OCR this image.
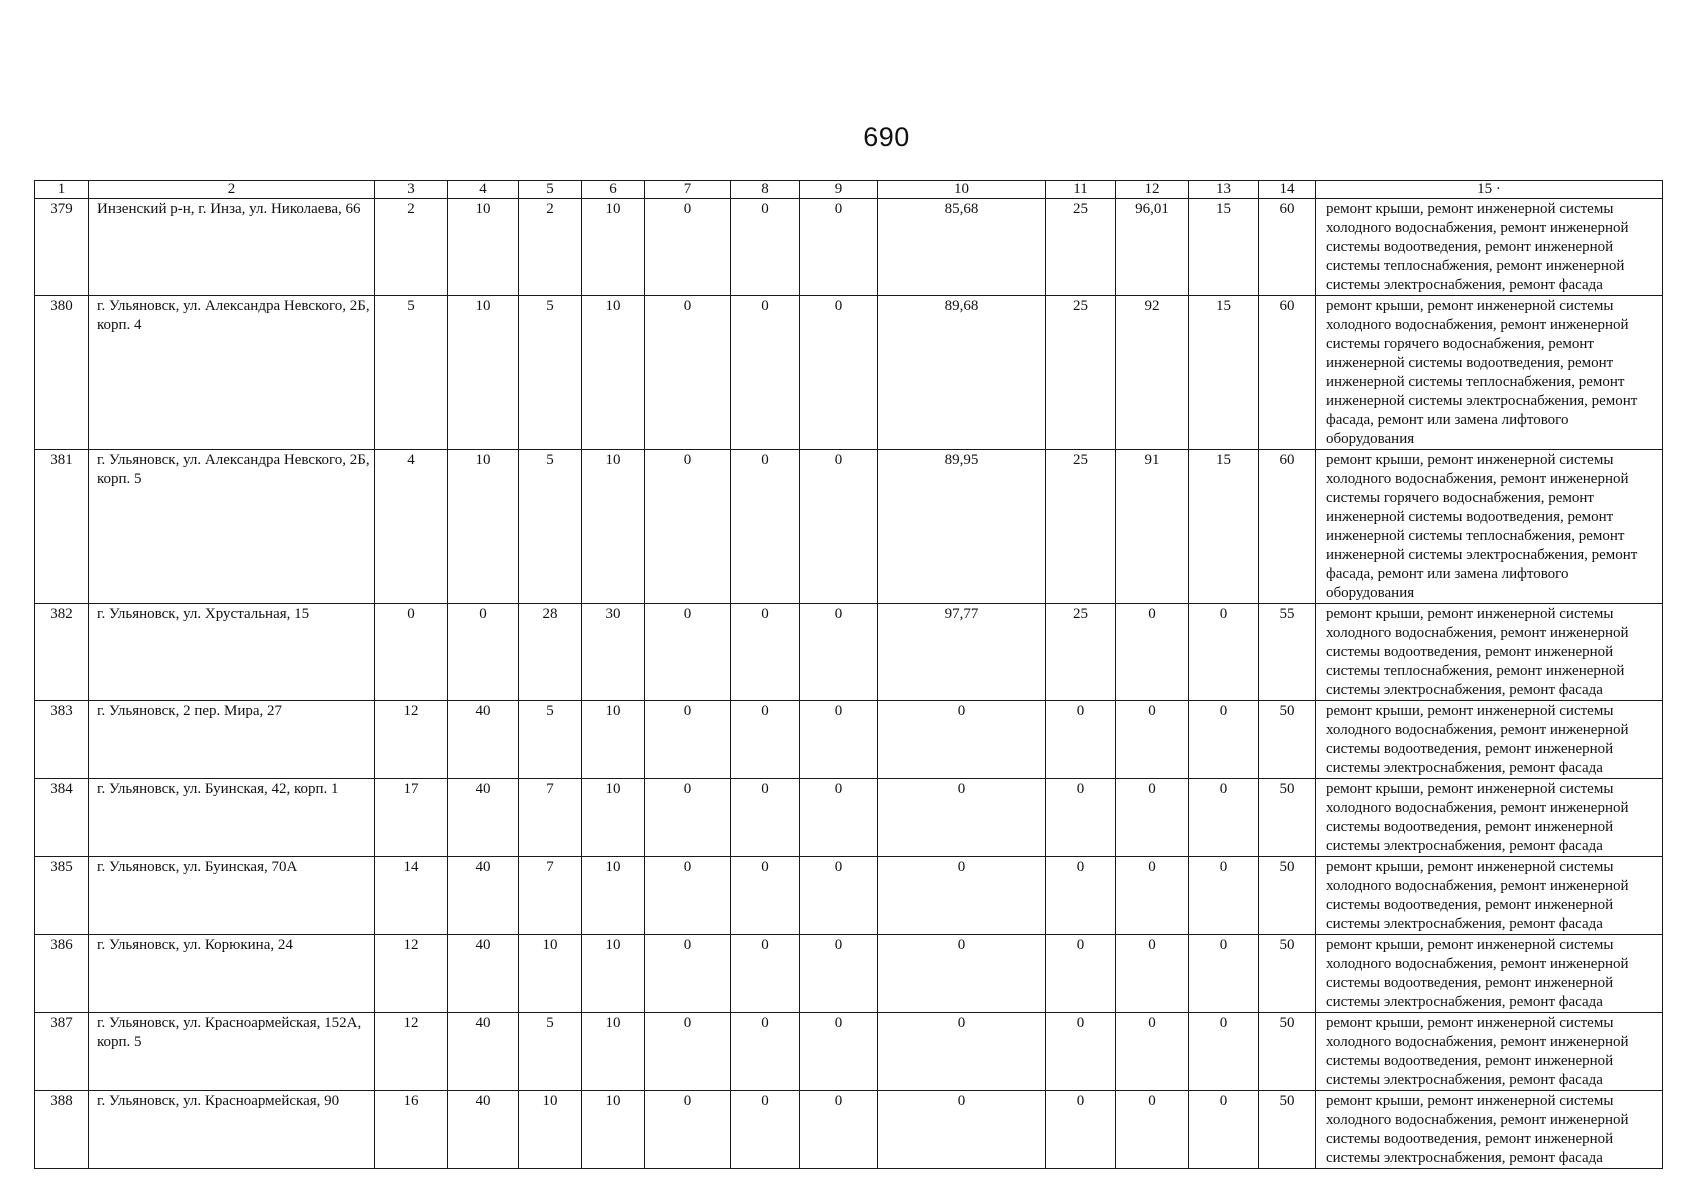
690
1	2	3	4	5	6	7	8	9	10	11	12	13	14	15 ·
379	Инзенский р-н, г. Инза, ул. Николаева, 66	2	10	2	10	0	0	0	85,68	25	96,01	15	60	ремонт крыши, ремонт инженерной системы холодного водоснабжения, ремонт инженерной системы водоотведения, ремонт инженерной системы теплоснабжения, ремонт инженерной системы электроснабжения, ремонт фасада
380	г. Ульяновск, ул. Александра Невского, 2Б, корп. 4	5	10	5	10	0	0	0	89,68	25	92	15	60	ремонт крыши, ремонт инженерной системы холодного водоснабжения, ремонт инженерной системы горячего водоснабжения, ремонт инженерной системы водоотведения, ремонт инженерной системы теплоснабжения, ремонт инженерной системы электроснабжения, ремонт фасада, ремонт или замена лифтового оборудования
381	г. Ульяновск, ул. Александра Невского, 2Б, корп. 5	4	10	5	10	0	0	0	89,95	25	91	15	60	ремонт крыши, ремонт инженерной системы холодного водоснабжения, ремонт инженерной системы горячего водоснабжения, ремонт инженерной системы водоотведения, ремонт инженерной системы теплоснабжения, ремонт инженерной системы электроснабжения, ремонт фасада, ремонт или замена лифтового оборудования
382	г. Ульяновск, ул. Хрустальная, 15	0	0	28	30	0	0	0	97,77	25	0	0	55	ремонт крыши, ремонт инженерной системы холодного водоснабжения, ремонт инженерной системы водоотведения, ремонт инженерной системы теплоснабжения, ремонт инженерной системы электроснабжения, ремонт фасада
383	г. Ульяновск, 2 пер. Мира, 27	12	40	5	10	0	0	0	0	0	0	0	50	ремонт крыши, ремонт инженерной системы холодного водоснабжения, ремонт инженерной системы водоотведения, ремонт инженерной системы электроснабжения, ремонт фасада
384	г. Ульяновск, ул. Буинская, 42, корп. 1	17	40	7	10	0	0	0	0	0	0	0	50	ремонт крыши, ремонт инженерной системы холодного водоснабжения, ремонт инженерной системы водоотведения, ремонт инженерной системы электроснабжения, ремонт фасада
385	г. Ульяновск, ул. Буинская, 70А	14	40	7	10	0	0	0	0	0	0	0	50	ремонт крыши, ремонт инженерной системы холодного водоснабжения, ремонт инженерной системы водоотведения, ремонт инженерной системы электроснабжения, ремонт фасада
386	г. Ульяновск, ул. Корюкина, 24	12	40	10	10	0	0	0	0	0	0	0	50	ремонт крыши, ремонт инженерной системы холодного водоснабжения, ремонт инженерной системы водоотведения, ремонт инженерной системы электроснабжения, ремонт фасада
387	г. Ульяновск, ул. Красноармейская, 152А, корп. 5	12	40	5	10	0	0	0	0	0	0	0	50	ремонт крыши, ремонт инженерной системы холодного водоснабжения, ремонт инженерной системы водоотведения, ремонт инженерной системы электроснабжения, ремонт фасада
388	г. Ульяновск, ул. Красноармейская, 90	16	40	10	10	0	0	0	0	0	0	0	50	ремонт крыши, ремонт инженерной системы холодного водоснабжения, ремонт инженерной системы водоотведения, ремонт инженерной системы электроснабжения, ремонт фасада
